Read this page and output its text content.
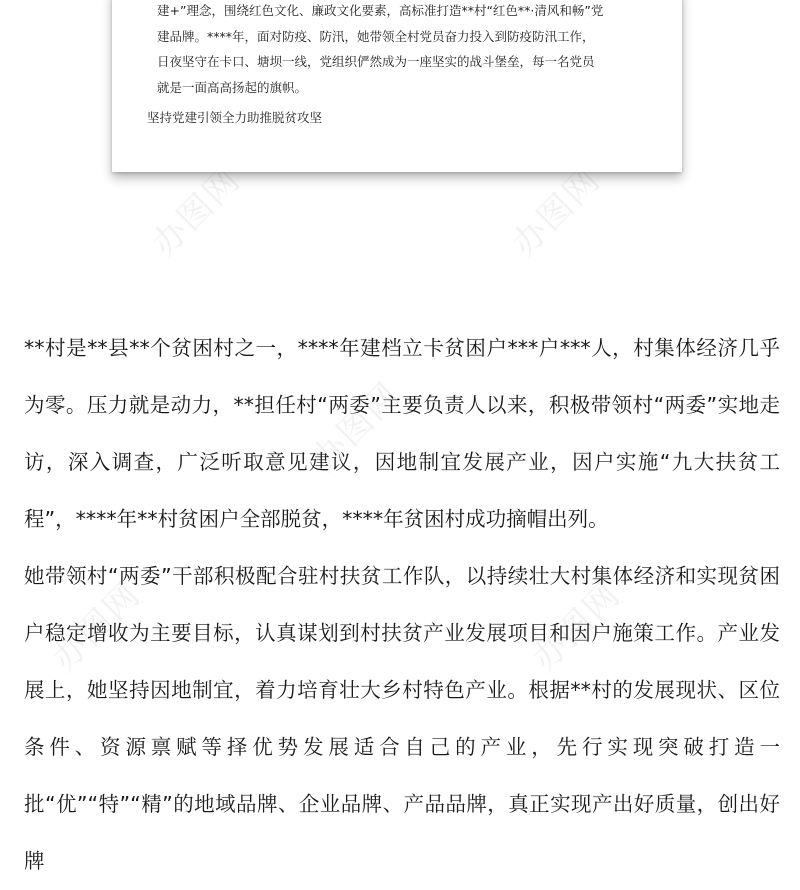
办图网	办图网
办图网
办图网	办图网
建+”理念，围绕红色文化、廉政文化要素，高标准打造**村“红色**·清风和畅”党
建品牌。****年，面对防疫、防汛，她带领全村党员奋力投入到防疫防汛工作，
日夜坚守在卡口、塘坝一线，党组织俨然成为一座坚实的战斗堡垒，每一名党员
就是一面高高扬起的旗帜。
坚持党建引领全力助推脱贫攻坚

**村是**县**个贫困村之一，****年建档立卡贫困户***户***人，村集体经济几乎为零。压力就是动力，**担任村“两委”主要负责人以来，积极带领村“两委”实地走访，深入调查，广泛听取意见建议，因地制宜发展产业，因户实施“九大扶贫工程”，****年**村贫困户全部脱贫，****年贫困村成功摘帽出列。

她带领村“两委”干部积极配合驻村扶贫工作队，以持续壮大村集体经济和实现贫困户稳定增收为主要目标，认真谋划到村扶贫产业发展项目和因户施策工作。产业发展上，她坚持因地制宜，着力培育壮大乡村特色产业。根据**村的发展现状、区位条件、资源禀赋等择优势发展适合自己的产业，先行实现突破打造一批“优”“特”“精”的地域品牌、企业品牌、产品品牌，真正实现产出好质量，创出好牌
